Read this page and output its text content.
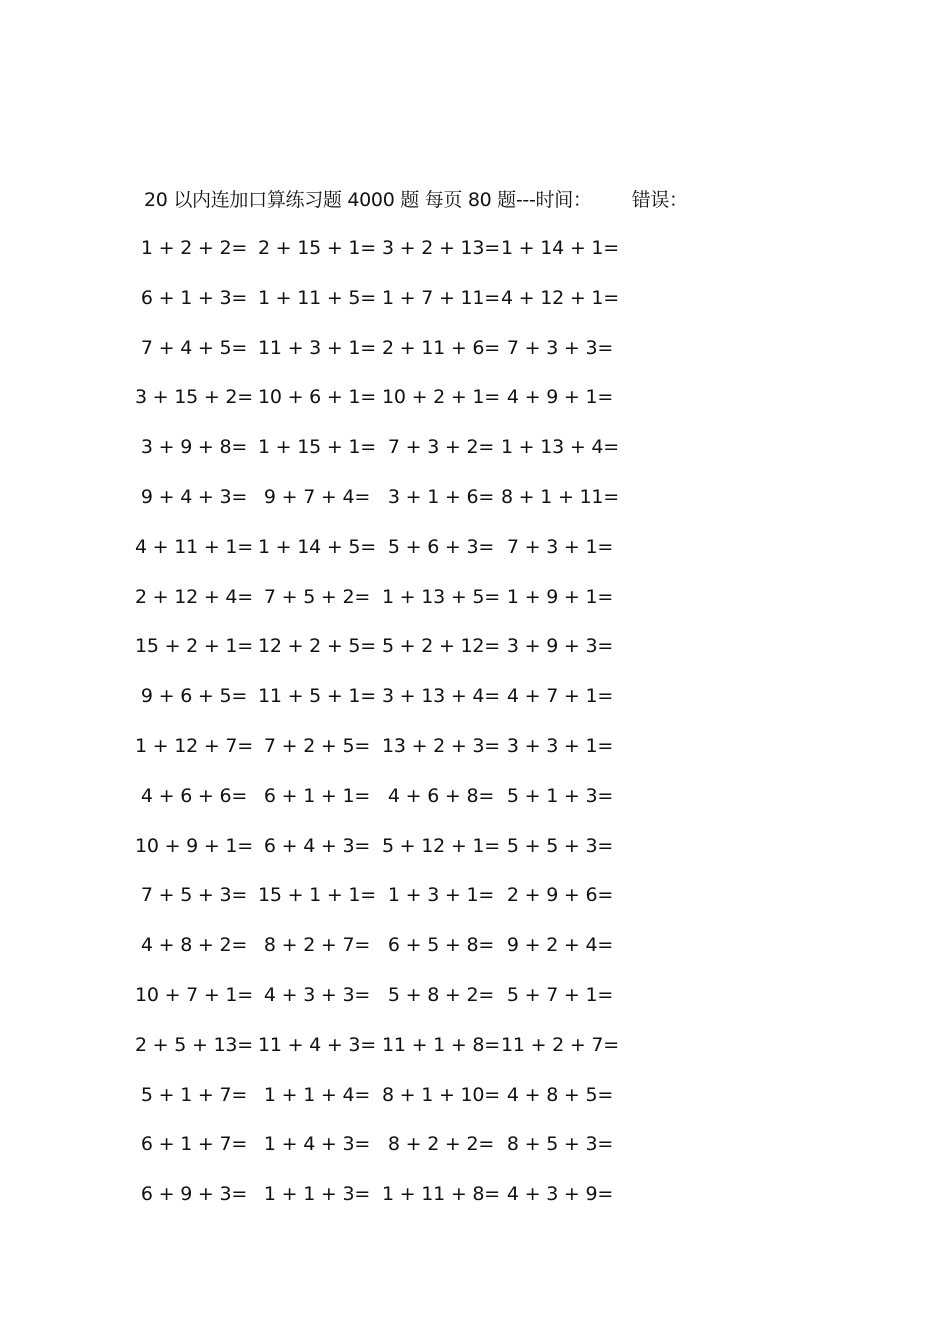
20 以内连加口算练习题 4000 题 每页 80 题---时间： 错误：
1 + 2 + 2= 2 + 15 + 1= 3 + 2 + 13= 1 + 14 + 1=
6 + 1 + 3= 1 + 11 + 5= 1 + 7 + 11= 4 + 12 + 1=
7 + 4 + 5= 11 + 3 + 1= 2 + 11 + 6= 7 + 3 + 3=
3 + 15 + 2= 10 + 6 + 1= 10 + 2 + 1= 4 + 9 + 1=
3 + 9 + 8= 1 + 15 + 1= 7 + 3 + 2= 1 + 13 + 4=
9 + 4 + 3= 9 + 7 + 4= 3 + 1 + 6= 8 + 1 + 11=
4 + 11 + 1= 1 + 14 + 5= 5 + 6 + 3= 7 + 3 + 1=
2 + 12 + 4= 7 + 5 + 2= 1 + 13 + 5= 1 + 9 + 1=
15 + 2 + 1= 12 + 2 + 5= 5 + 2 + 12= 3 + 9 + 3=
9 + 6 + 5= 11 + 5 + 1= 3 + 13 + 4= 4 + 7 + 1=
1 + 12 + 7= 7 + 2 + 5= 13 + 2 + 3= 3 + 3 + 1=
4 + 6 + 6= 6 + 1 + 1= 4 + 6 + 8= 5 + 1 + 3=
10 + 9 + 1= 6 + 4 + 3= 5 + 12 + 1= 5 + 5 + 3=
7 + 5 + 3= 15 + 1 + 1= 1 + 3 + 1= 2 + 9 + 6=
4 + 8 + 2= 8 + 2 + 7= 6 + 5 + 8= 9 + 2 + 4=
10 + 7 + 1= 4 + 3 + 3= 5 + 8 + 2= 5 + 7 + 1=
2 + 5 + 13= 11 + 4 + 3= 11 + 1 + 8= 11 + 2 + 7=
5 + 1 + 7= 1 + 1 + 4= 8 + 1 + 10= 4 + 8 + 5=
6 + 1 + 7= 1 + 4 + 3= 8 + 2 + 2= 8 + 5 + 3=
6 + 9 + 3= 1 + 1 + 3= 1 + 11 + 8= 4 + 3 + 9=
